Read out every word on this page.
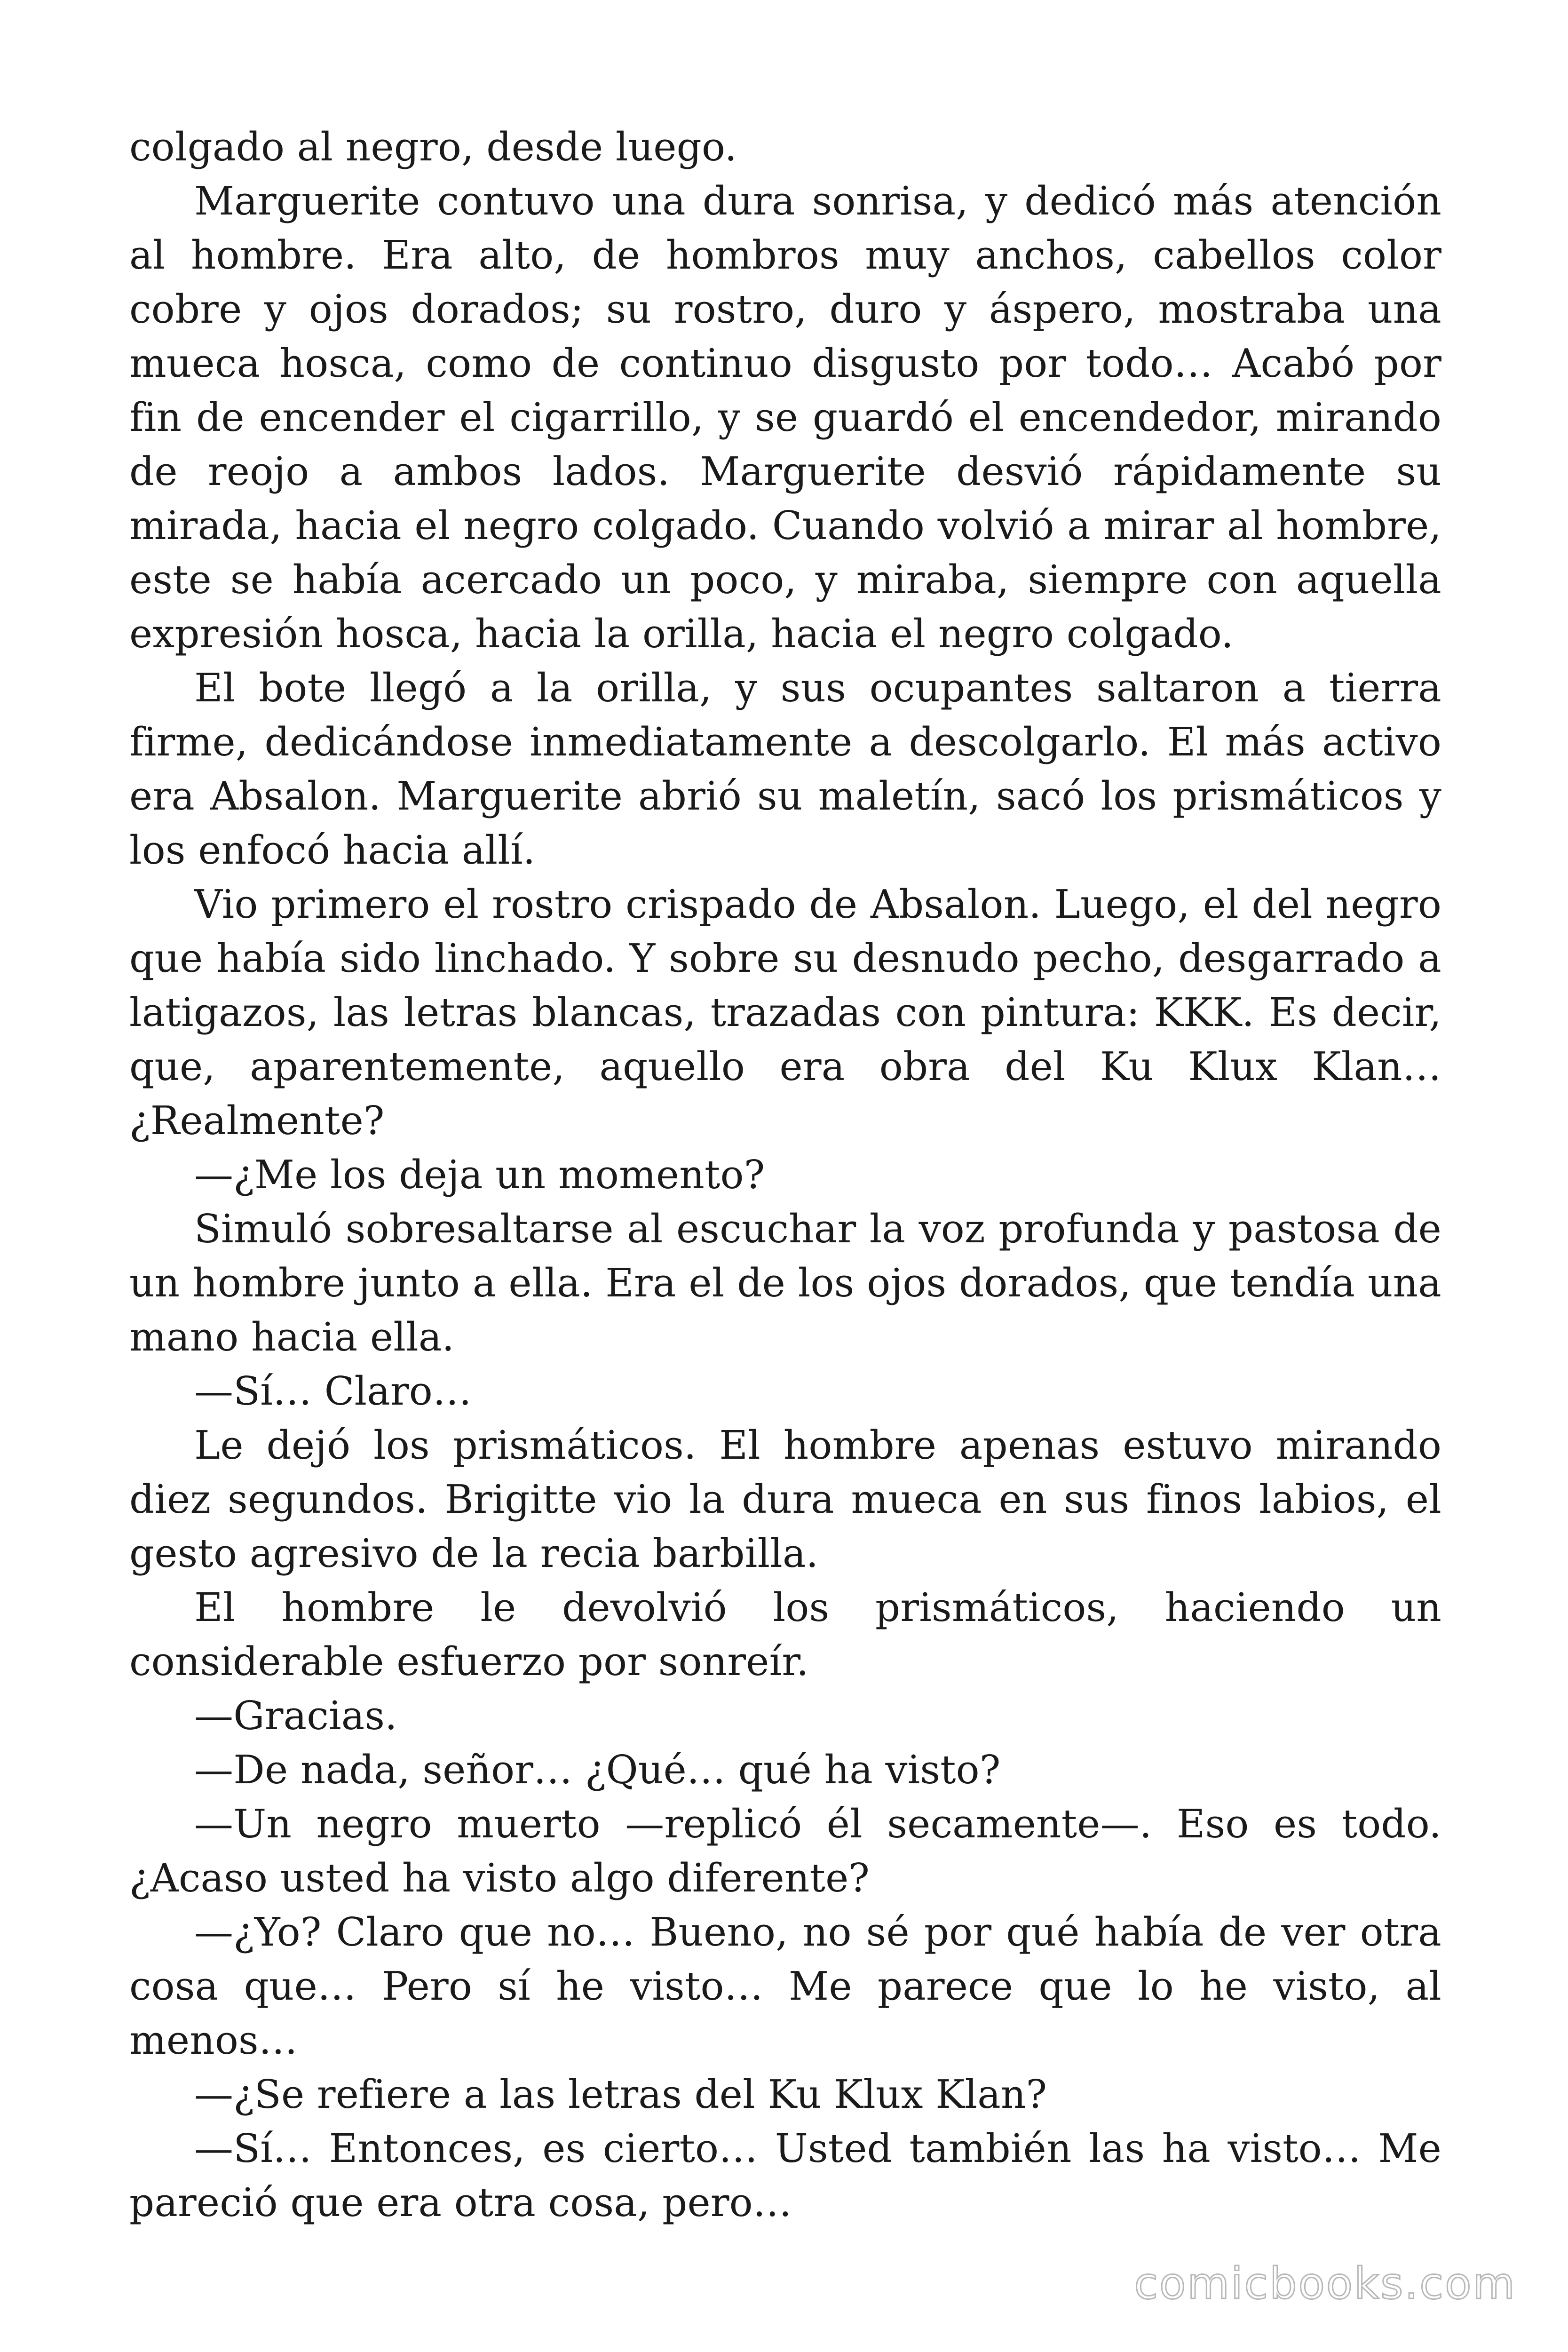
colgado al negro, desde luego.

Marguerite contuvo una dura sonrisa, y dedicó más atención al hombre. Era alto, de hombros muy anchos, cabellos color cobre y ojos dorados; su rostro, duro y áspero, mostraba una mueca hosca, como de continuo disgusto por todo… Acabó por fin de encender el cigarrillo, y se guardó el encendedor, mirando de reojo a ambos lados. Marguerite desvió rápidamente su mirada, hacia el negro colgado. Cuando volvió a mirar al hombre, este se había acercado un poco, y miraba, siempre con aquella expresión hosca, hacia la orilla, hacia el negro colgado.

El bote llegó a la orilla, y sus ocupantes saltaron a tierra firme, dedicándose inmediatamente a descolgarlo. El más activo era Absalon. Marguerite abrió su maletín, sacó los prismáticos y los enfocó hacia allí.

Vio primero el rostro crispado de Absalon. Luego, el del negro que había sido linchado. Y sobre su desnudo pecho, desgarrado a latigazos, las letras blancas, trazadas con pintura: KKK. Es decir, que, aparentemente, aquello era obra del Ku Klux Klan… ¿Realmente?

—¿Me los deja un momento?

Simuló sobresaltarse al escuchar la voz profunda y pastosa de un hombre junto a ella. Era el de los ojos dorados, que tendía una mano hacia ella.

—Sí… Claro…

Le dejó los prismáticos. El hombre apenas estuvo mirando diez segundos. Brigitte vio la dura mueca en sus finos labios, el gesto agresivo de la recia barbilla.

El hombre le devolvió los prismáticos, haciendo un considerable esfuerzo por sonreír.

—Gracias.

—De nada, señor… ¿Qué… qué ha visto?

—Un negro muerto —replicó él secamente—. Eso es todo. ¿Acaso usted ha visto algo diferente?

—¿Yo? Claro que no… Bueno, no sé por qué había de ver otra cosa que… Pero sí he visto… Me parece que lo he visto, al menos…

—¿Se refiere a las letras del Ku Klux Klan?

—Sí… Entonces, es cierto… Usted también las ha visto… Me pareció que era otra cosa, pero…

comicbooks.com
